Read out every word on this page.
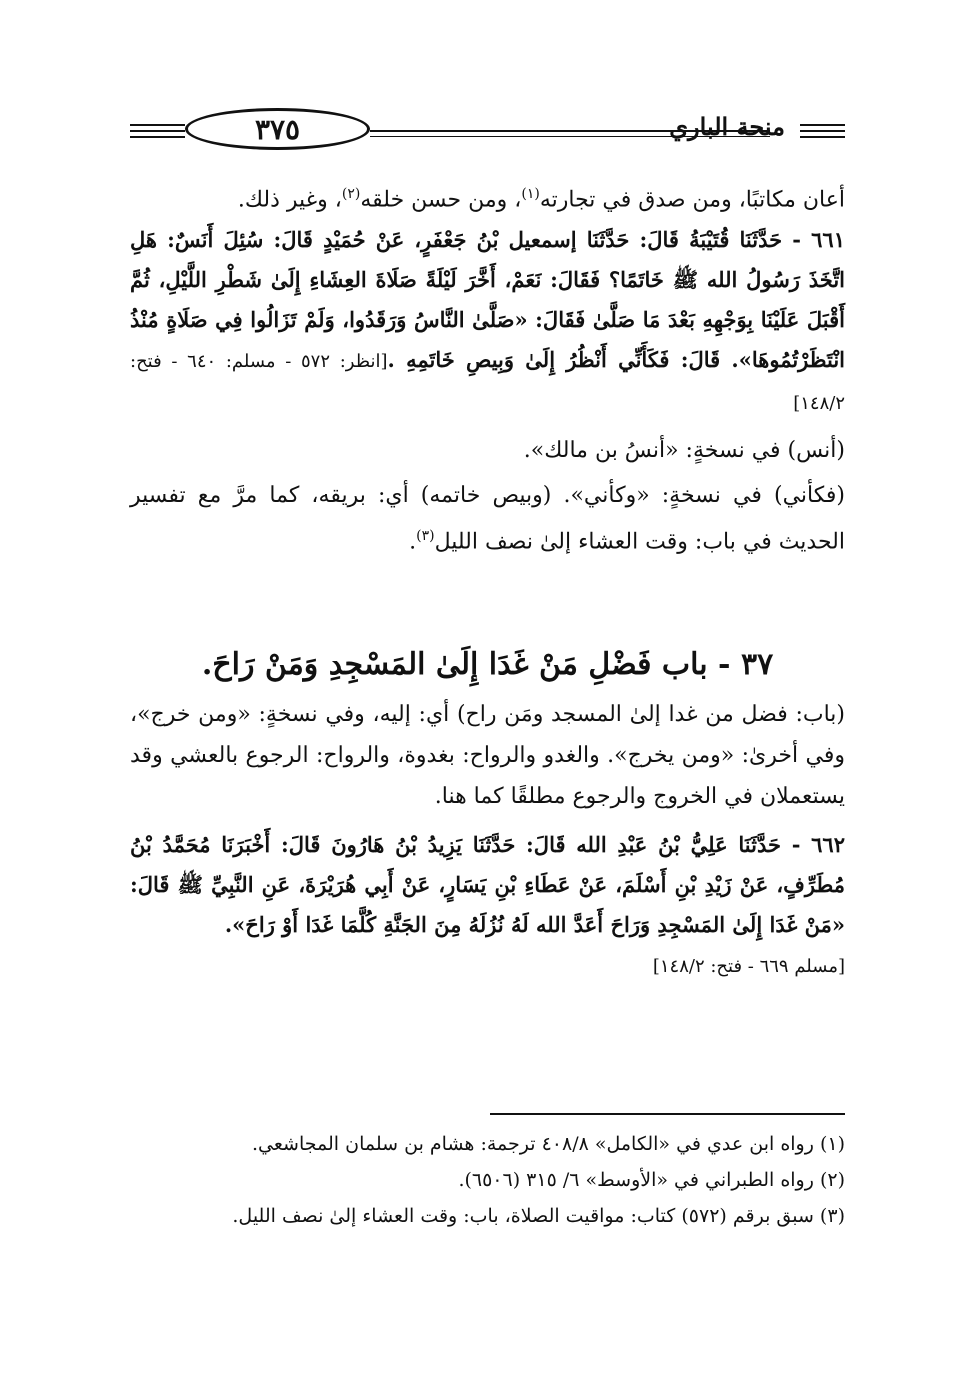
٣٧٥	منحة الباري

أعان مكاتبًا، ومن صدق في تجارته$^{(١)}$، ومن حسن خلقه$^{(٢)}$، وغير ذلك.

٦٦١ - حَدَّثَنَا قُتَيْبَةُ قَالَ: حَدَّثَنَا إسمعيل بْنُ جَعْفَرٍ، عَنْ حُمَيْدٍ قَالَ: سُئِلَ أَنَسٌ: هَلِ اتَّخَذَ رَسُولُ الله ﷺ خَاتَمًا؟ فَقَالَ: نَعَمْ، أَخَّرَ لَيْلَةً صَلَاةَ العِشَاءِ إِلَىٰ شَطْرِ اللَّيْلِ، ثُمَّ أَقْبَلَ عَلَيْنَا بِوَجْهِهِ بَعْدَ مَا صَلَّىٰ فَقَالَ: «صَلَّىٰ النَّاسُ وَرَقَدُوا، وَلَمْ تَزَالُوا فِي صَلَاةٍ مُنْذُ انْتَظَرْتُمُوهَا». قَالَ: فَكَأَنِّي أَنْظُرُ إِلَىٰ وَبِيصِ خَاتَمِهِ .[انظر: ٥٧٢ - مسلم: ٦٤٠ - فتح: ١٤٨/٢]

(أنس) في نسخةٍ: «أنسُ بن مالك».

(فكأني) في نسخةٍ: «وكأني». (وبيص خاتمه) أي: بريقه، كما مرَّ مع تفسير الحديث في باب: وقت العشاء إلىٰ نصف الليل$^{(٣)}$.

٣٧ - باب فَضْلِ مَنْ غَدَا إِلَىٰ المَسْجِدِ وَمَنْ رَاحَ.

(باب: فضل من غدا إلىٰ المسجد ومَن راح) أي: إليه، وفي نسخةٍ: «ومن خرج»، وفي أخرىٰ: «ومن يخرج». والغدو والرواح: بغدوة، والرواح: الرجوع بالعشي وقد يستعملان في الخروج والرجوع مطلقًا كما هنا.

٦٦٢ - حَدَّثَنَا عَلِيُّ بْنُ عَبْدِ الله قَالَ: حَدَّثَنَا يَزِيدُ بْنُ هَارُونَ قَالَ: أَخْبَرَنَا مُحَمَّدُ بْنُ مُطَرِّفٍ، عَنْ زَيْدِ بْنِ أَسْلَمَ، عَنْ عَطَاءِ بْنِ يَسَارٍ، عَنْ أَبِي هُرَيْرَةَ، عَنِ النَّبِيِّ ﷺ قَالَ: «مَنْ غَدَا إِلَىٰ المَسْجِدِ وَرَاحَ أَعَدَّ الله لَهُ نُزُلَهُ مِنَ الجَنَّةِ كُلَّمَا غَدَا أَوْ رَاحَ».
[مسلم ٦٦٩ - فتح: ١٤٨/٢]

(١) رواه ابن عدي في «الكامل» ٤٠٨/٨ ترجمة: هشام بن سلمان المجاشعي.

(٢) رواه الطبراني في «الأوسط» ٦/ ٣١٥ (٦٥٠٦).

(٣) سبق برقم (٥٧٢) كتاب: مواقيت الصلاة، باب: وقت العشاء إلىٰ نصف الليل.
